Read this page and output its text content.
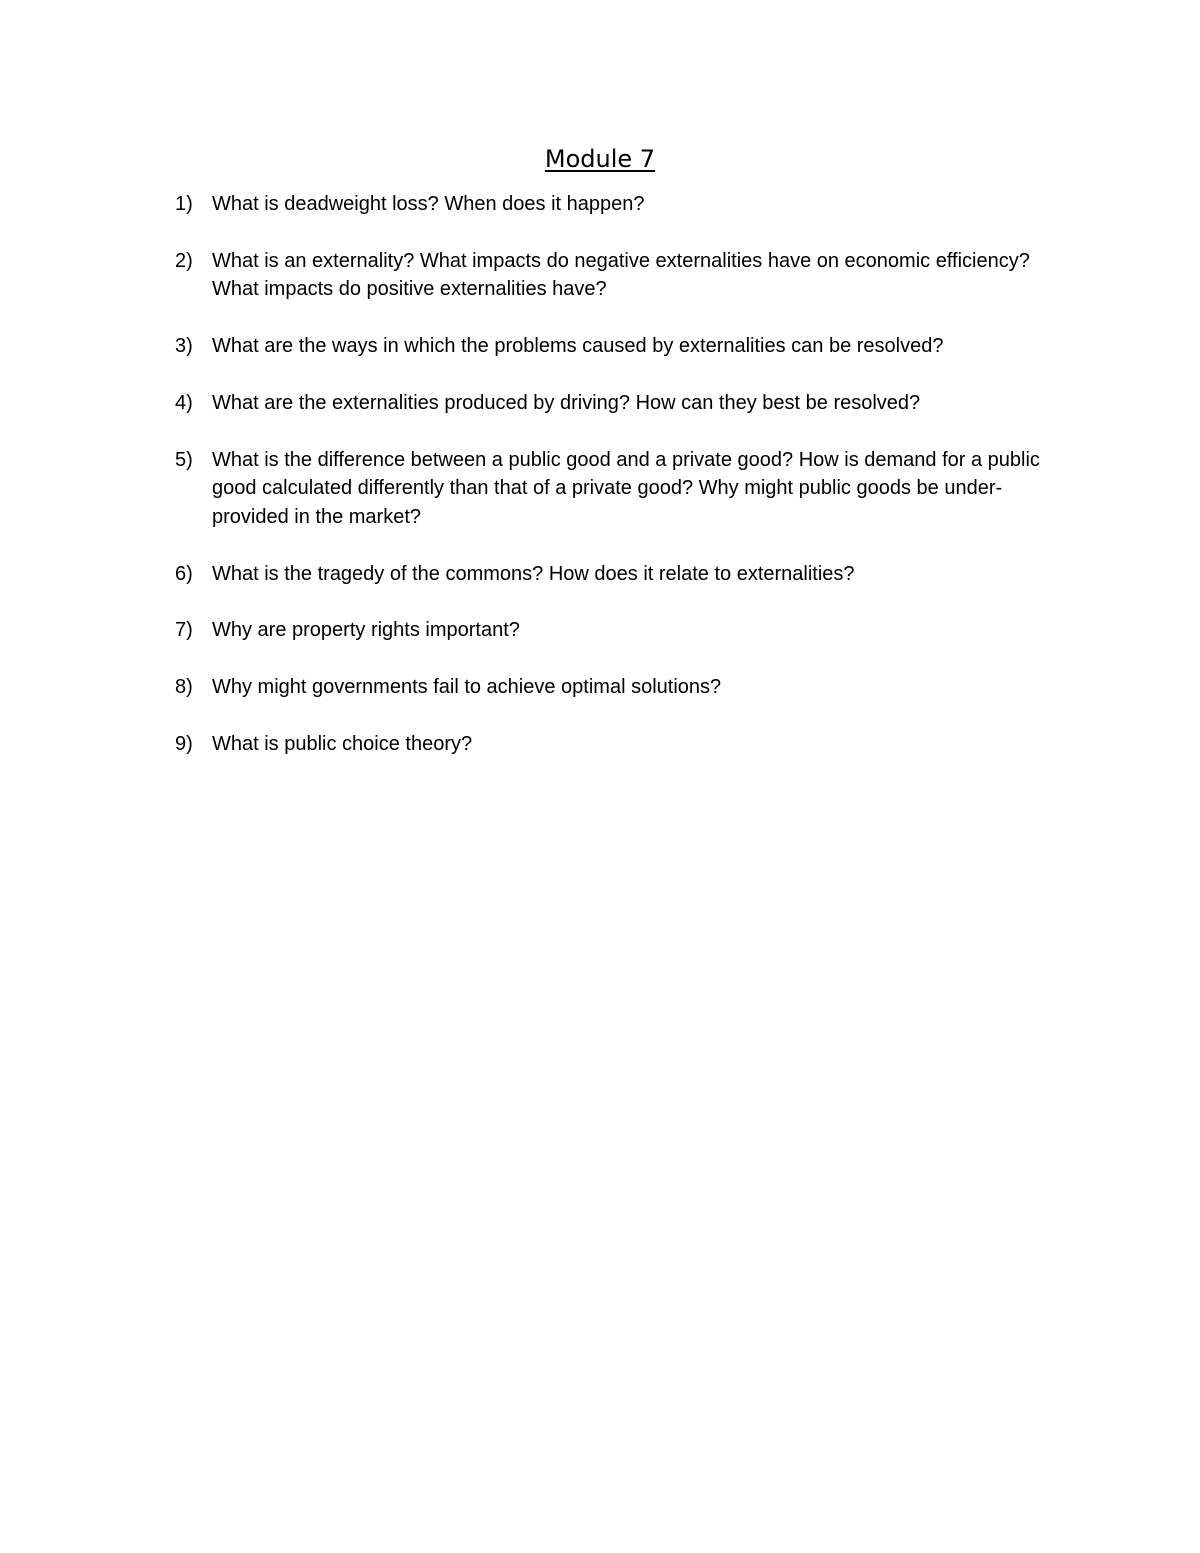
Module 7
1) What is deadweight loss? When does it happen?
2) What is an externality? What impacts do negative externalities have on economic efficiency? What impacts do positive externalities have?
3) What are the ways in which the problems caused by externalities can be resolved?
4) What are the externalities produced by driving? How can they best be resolved?
5) What is the difference between a public good and a private good? How is demand for a public good calculated differently than that of a private good? Why might public goods be under-provided in the market?
6) What is the tragedy of the commons? How does it relate to externalities?
7) Why are property rights important?
8) Why might governments fail to achieve optimal solutions?
9) What is public choice theory?
